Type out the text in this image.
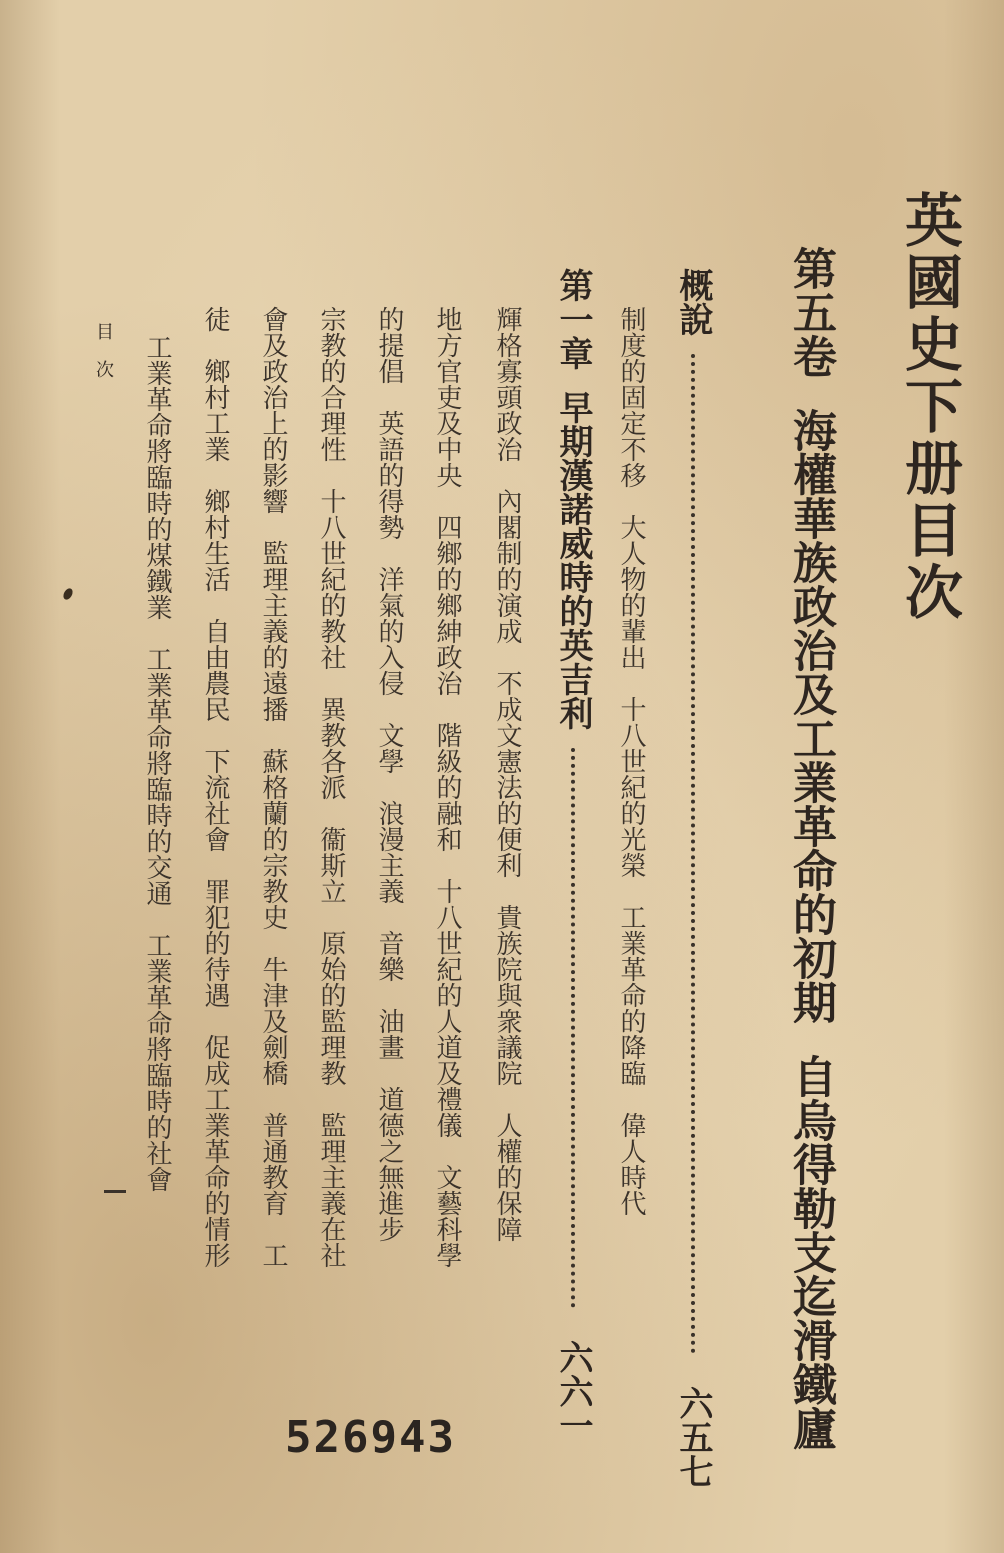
英國史下册目次
第五卷海權華族政治及工業革命的初期自烏得勒支迄滑鐵廬
概說  六五七
制度的固定不移　大人物的輩出　十八世紀的光榮　工業革命的降臨　偉人時代
第一章早期漢諾威時的英吉利  六六一
輝格寡頭政治　內閣制的演成　不成文憲法的便利　貴族院與衆議院　人權的保障
地方官吏及中央　四鄉的鄉紳政治　階級的融和　十八世紀的人道及禮儀　文藝科學
的提倡　英語的得勢　洋氣的入侵　文學　浪漫主義　音樂　油畫　道德之無進步
宗教的合理性　十八世紀的教社　異教各派　衞斯立　原始的監理教　監理主義在社
會及政治上的影響　監理主義的遠播　蘇格蘭的宗教史　牛津及劍橋　普通教育　工
徒　鄉村工業　鄉村生活　自由農民　下流社會　罪犯的待遇　促成工業革命的情形
工業革命將臨時的煤鐵業　工業革命將臨時的交通　工業革命將臨時的社會
526943
目次
